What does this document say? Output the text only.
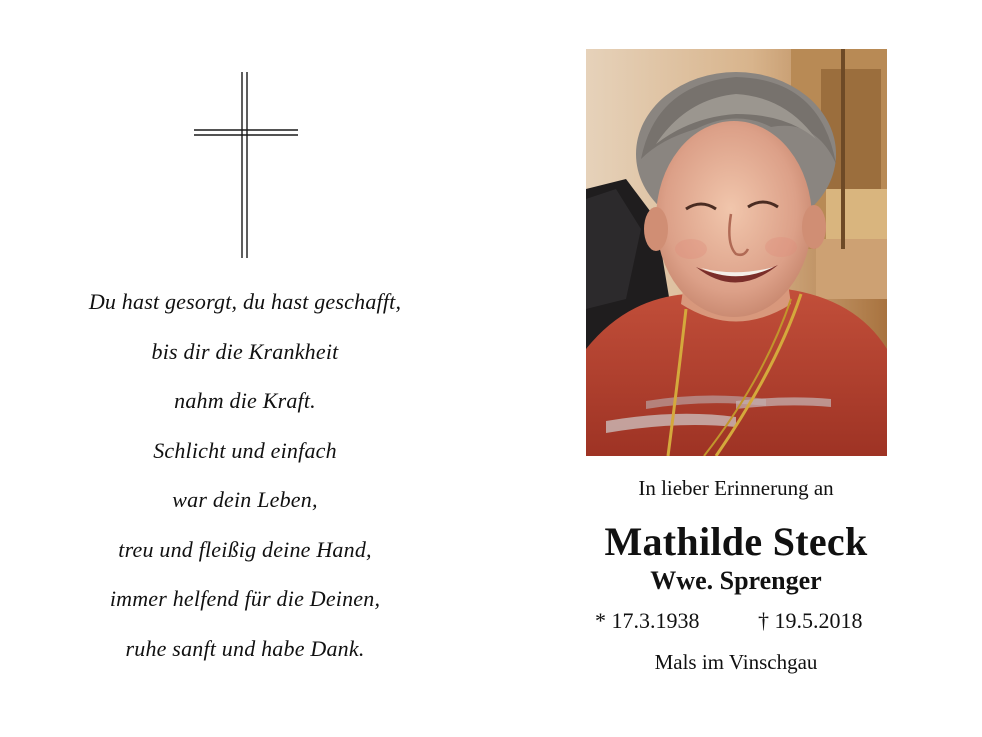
Du hast gesorgt, du hast geschafft,
bis dir die Krankheit
nahm die Kraft.
Schlicht und einfach
war dein Leben,
treu und fleißig deine Hand,
immer helfend für die Deinen,
ruhe sanft und habe Dank.
In lieber Erinnerung an
Mathilde Steck
Wwe. Sprenger
* 17.3.1938	† 19.5.2018
Mals im Vinschgau
